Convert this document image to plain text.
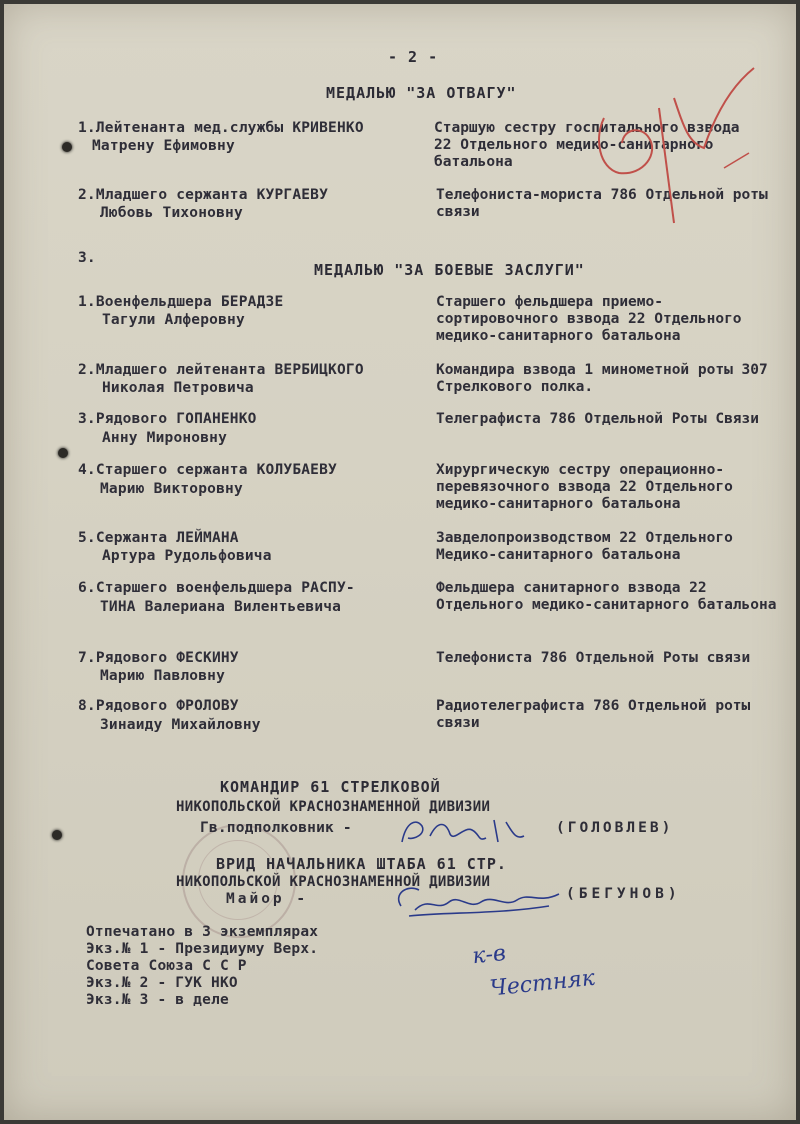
- 2 -
МЕДАЛЬЮ "ЗА ОТВАГУ"
1.Лейтенанта мед.службы КРИВЕНКО
Матрену Ефимовну
Старшую сестру госпитального взвода 22 Отдельного медико-санитарного батальона
2.Младшего сержанта КУРГАЕВУ
Любовь Тихоновну
Телефониста-мориста 786 Отдельной роты связи
3.
МЕДАЛЬЮ "ЗА БОЕВЫЕ ЗАСЛУГИ"
1.Военфельдшера БЕРАДЗЕ
Тагули Алферовну
Старшего фельдшера приемо-сортировочного взвода 22 Отдельного медико-санитарного батальона
2.Младшего лейтенанта ВЕРБИЦКОГО
Николая Петровича
Командира взвода 1 минометной роты 307 Стрелкового полка.
3.Рядового ГОПАНЕНКО
Анну Мироновну
Телеграфиста 786 Отдельной Роты Связи
4.Старшего сержанта КОЛУБАЕВУ
Марию Викторовну
Хирургическую сестру операционно-перевязочного взвода 22 Отдельного медико-санитарного батальона
5.Сержанта ЛЕЙМАНА
Артура Рудольфовича
Завделопроизводством 22 Отдельного Медико-санитарного батальона
6.Старшего военфельдшера РАСПУ-
ТИНА Валериана Вилентьевича
Фельдшера санитарного взвода 22 Отдельного медико-санитарного батальона
7.Рядового ФЕСКИНУ
Марию Павловну
Телефониста 786 Отдельной Роты связи
8.Рядового ФРОЛОВУ
Зинаиду Михайловну
Радиотелеграфиста 786 Отдельной роты связи
КОМАНДИР 61 СТРЕЛКОВОЙ
НИКОПОЛЬСКОЙ КРАСНОЗНАМЕННОЙ ДИВИЗИИ
Гв.подполковник -	(ГОЛОВЛЕВ)
ВРИД НАЧАЛЬНИКА ШТАБА 61 СТР.
НИКОПОЛЬСКОЙ КРАСНОЗНАМЕННОЙ ДИВИЗИИ
Майор -	(БЕГУНОВ)
Отпечатано в 3 экземплярах
Экз.№ 1 - Президиуму Верх.
Совета Союза С С Р
Экз.№ 2 - ГУК НКО
Экз.№ 3 - в деле
к-в
Честняк
